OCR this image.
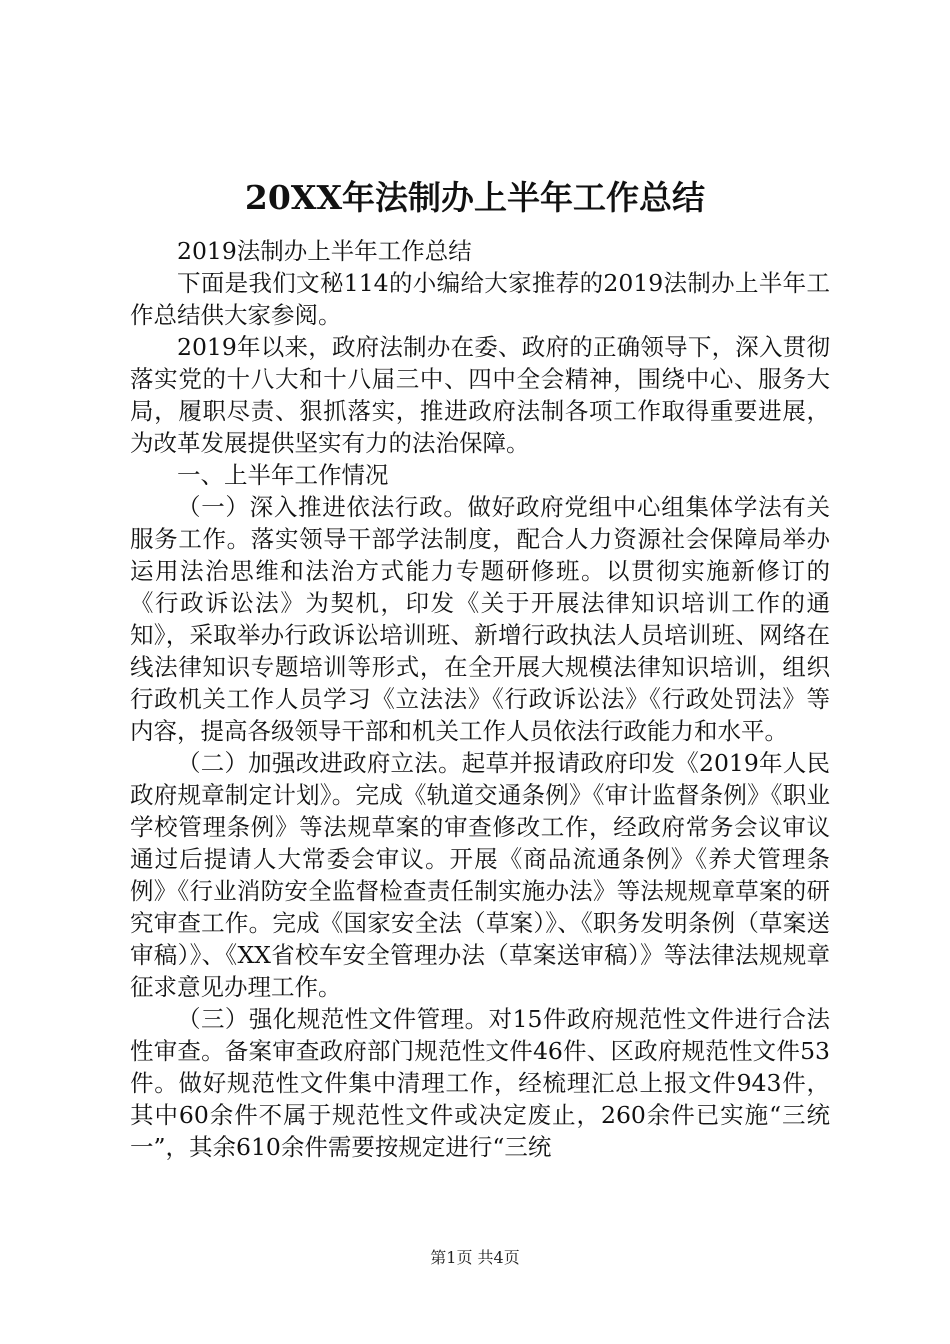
20XX年法制办上半年工作总结

2019法制办上半年工作总结

下面是我们文秘114的小编给大家推荐的2019法制办上半年工作总结供大家参阅。

2019年以来，政府法制办在委、政府的正确领导下，深入贯彻落实党的十八大和十八届三中、四中全会精神，围绕中心、服务大局，履职尽责、狠抓落实，推进政府法制各项工作取得重要进展，为改革发展提供坚实有力的法治保障。

一、上半年工作情况

（一）深入推进依法行政。做好政府党组中心组集体学法有关服务工作。落实领导干部学法制度，配合人力资源社会保障局举办运用法治思维和法治方式能力专题研修班。以贯彻实施新修订的《行政诉讼法》为契机，印发《关于开展法律知识培训工作的通知》，采取举办行政诉讼培训班、新增行政执法人员培训班、网络在线法律知识专题培训等形式，在全开展大规模法律知识培训，组织行政机关工作人员学习《立法法》《行政诉讼法》《行政处罚法》等内容，提高各级领导干部和机关工作人员依法行政能力和水平。

（二）加强改进政府立法。起草并报请政府印发《2019年人民政府规章制定计划》。完成《轨道交通条例》《审计监督条例》《职业学校管理条例》等法规草案的审查修改工作，经政府常务会议审议通过后提请人大常委会审议。开展《商品流通条例》《养犬管理条例》《行业消防安全监督检查责任制实施办法》等法规规章草案的研究审查工作。完成《国家安全法（草案）》、《职务发明条例（草案送审稿）》、《XX省校车安全管理办法（草案送审稿）》等法律法规规章征求意见办理工作。

（三）强化规范性文件管理。对15件政府规范性文件进行合法性审查。备案审查政府部门规范性文件46件、区政府规范性文件53件。做好规范性文件集中清理工作，经梳理汇总上报文件943件，其中60余件不属于规范性文件或决定废止，260余件已实施“三统一”，其余610余件需要按规定进行“三统

第1页 共4页
